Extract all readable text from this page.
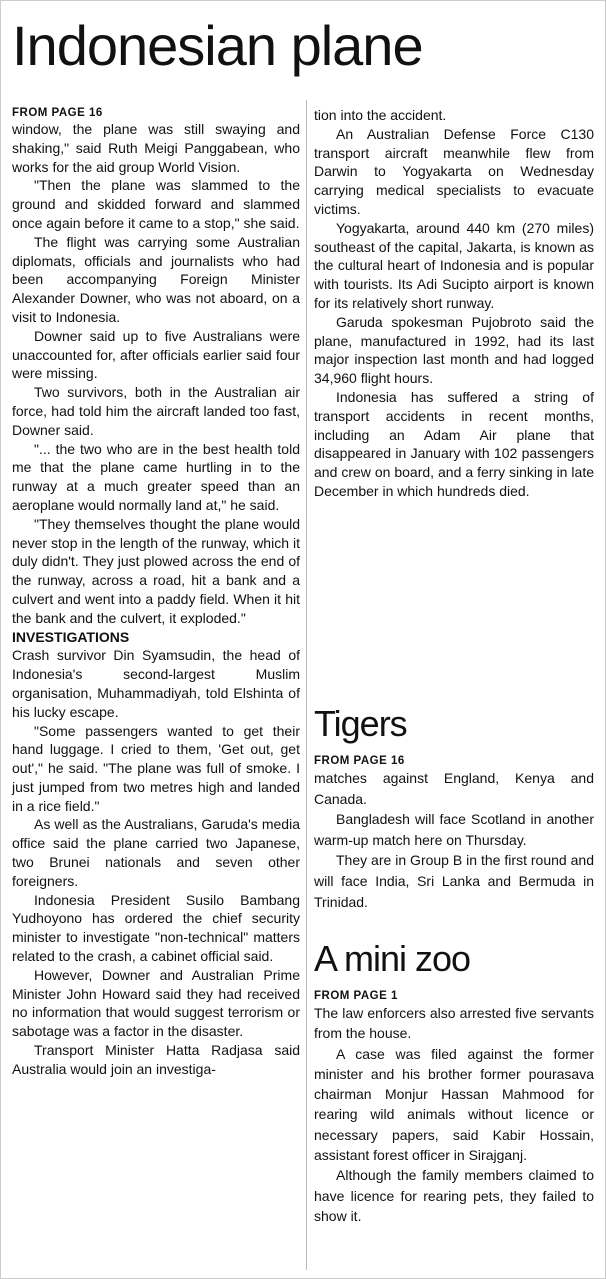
Indonesian plane
FROM PAGE 16

window, the plane was still swaying and shaking," said Ruth Meigi Panggabean, who works for the aid group World Vision.

"Then the plane was slammed to the ground and skidded forward and slammed once again before it came to a stop," she said.

The flight was carrying some Australian diplomats, officials and journalists who had been accompanying Foreign Minister Alexander Downer, who was not aboard, on a visit to Indonesia.

Downer said up to five Australians were unaccounted for, after officials earlier said four were missing.

Two survivors, both in the Australian air force, had told him the aircraft landed too fast, Downer said.

"... the two who are in the best health told me that the plane came hurtling in to the runway at a much greater speed than an aeroplane would normally land at," he said.

"They themselves thought the plane would never stop in the length of the runway, which it duly didn't. They just plowed across the end of the runway, across a road, hit a bank and a culvert and went into a paddy field. When it hit the bank and the culvert, it exploded."

INVESTIGATIONS

Crash survivor Din Syamsudin, the head of Indonesia's second-largest Muslim organisation, Muhammadiyah, told Elshinta of his lucky escape.

"Some passengers wanted to get their hand luggage. I cried to them, 'Get out, get out'," he said. "The plane was full of smoke. I just jumped from two metres high and landed in a rice field."

As well as the Australians, Garuda's media office said the plane carried two Japanese, two Brunei nationals and seven other foreigners.

Indonesia President Susilo Bambang Yudhoyono has ordered the chief security minister to investigate "non-technical" matters related to the crash, a cabinet official said.

However, Downer and Australian Prime Minister John Howard said they had received no information that would suggest terrorism or sabotage was a factor in the disaster.

Transport Minister Hatta Radjasa said Australia would join an investiga-

tion into the accident.

An Australian Defense Force C130 transport aircraft meanwhile flew from Darwin to Yogyakarta on Wednesday carrying medical specialists to evacuate victims.

Yogyakarta, around 440 km (270 miles) southeast of the capital, Jakarta, is known as the cultural heart of Indonesia and is popular with tourists. Its Adi Sucipto airport is known for its relatively short runway.

Garuda spokesman Pujobroto said the plane, manufactured in 1992, had its last major inspection last month and had logged 34,960 flight hours.

Indonesia has suffered a string of transport accidents in recent months, including an Adam Air plane that disappeared in January with 102 passengers and crew on board, and a ferry sinking in late December in which hundreds died.

Tigers
FROM PAGE 16

matches against England, Kenya and Canada.

Bangladesh will face Scotland in another warm-up match here on Thursday.

They are in Group B in the first round and will face India, Sri Lanka and Bermuda in Trinidad.

A mini zoo
FROM PAGE 1

The law enforcers also arrested five servants from the house.

A case was filed against the former minister and his brother former pourasava chairman Monjur Hassan Mahmood for rearing wild animals without licence or necessary papers, said Kabir Hossain, assistant forest officer in Sirajganj.

Although the family members claimed to have licence for rearing pets, they failed to show it.
